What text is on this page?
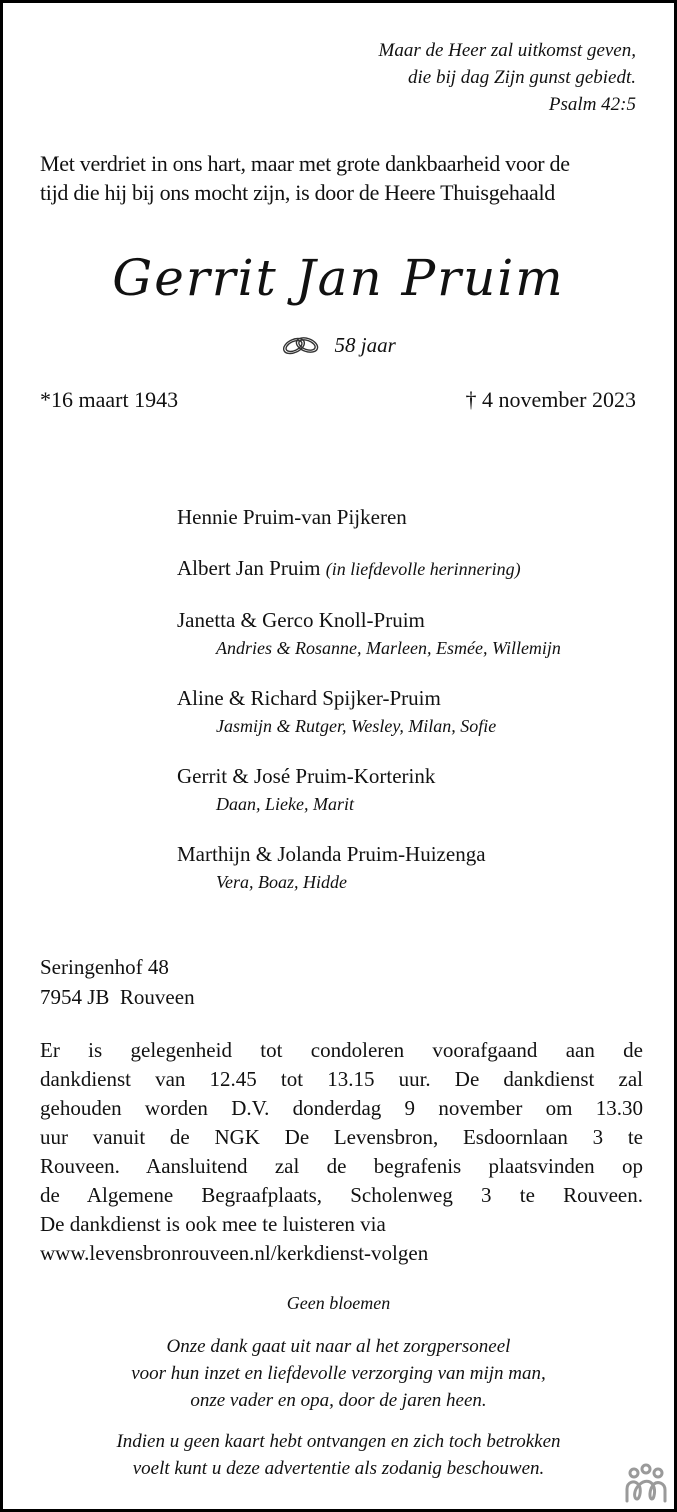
Maar de Heer zal uitkomst geven,
die bij dag Zijn gunst gebiedt.
Psalm 42:5
Met verdriet in ons hart, maar met grote dankbaarheid voor de
tijd die hij bij ons mocht zijn, is door de Heere Thuisgehaald
Gerrit Jan Pruim
58 jaar
*16 maart 1943	† 4 november 2023
Hennie Pruim-van Pijkeren
Albert Jan Pruim (in liefdevolle herinnering)
Janetta & Gerco Knoll-Pruim
Andries & Rosanne, Marleen, Esmée, Willemijn
Aline & Richard Spijker-Pruim
Jasmijn & Rutger, Wesley, Milan, Sofie
Gerrit & José Pruim-Korterink
Daan, Lieke, Marit
Marthijn & Jolanda Pruim-Huizenga
Vera, Boaz, Hidde
Seringenhof 48
7954 JB  Rouveen
Er is gelegenheid tot condoleren voorafgaand aan de
dankdienst van 12.45 tot 13.15 uur. De dankdienst zal
gehouden worden D.V. donderdag 9 november om 13.30
uur vanuit de NGK De Levensbron, Esdoornlaan 3 te
Rouveen. Aansluitend zal de begrafenis plaatsvinden op
de Algemene Begraafplaats, Scholenweg 3 te Rouveen.
De dankdienst is ook mee te luisteren via
www.levensbronrouveen.nl/kerkdienst-volgen
Geen bloemen
Onze dank gaat uit naar al het zorgpersoneel
voor hun inzet en liefdevolle verzorging van mijn man,
onze vader en opa, door de jaren heen.
Indien u geen kaart hebt ontvangen en zich toch betrokken
voelt kunt u deze advertentie als zodanig beschouwen.
